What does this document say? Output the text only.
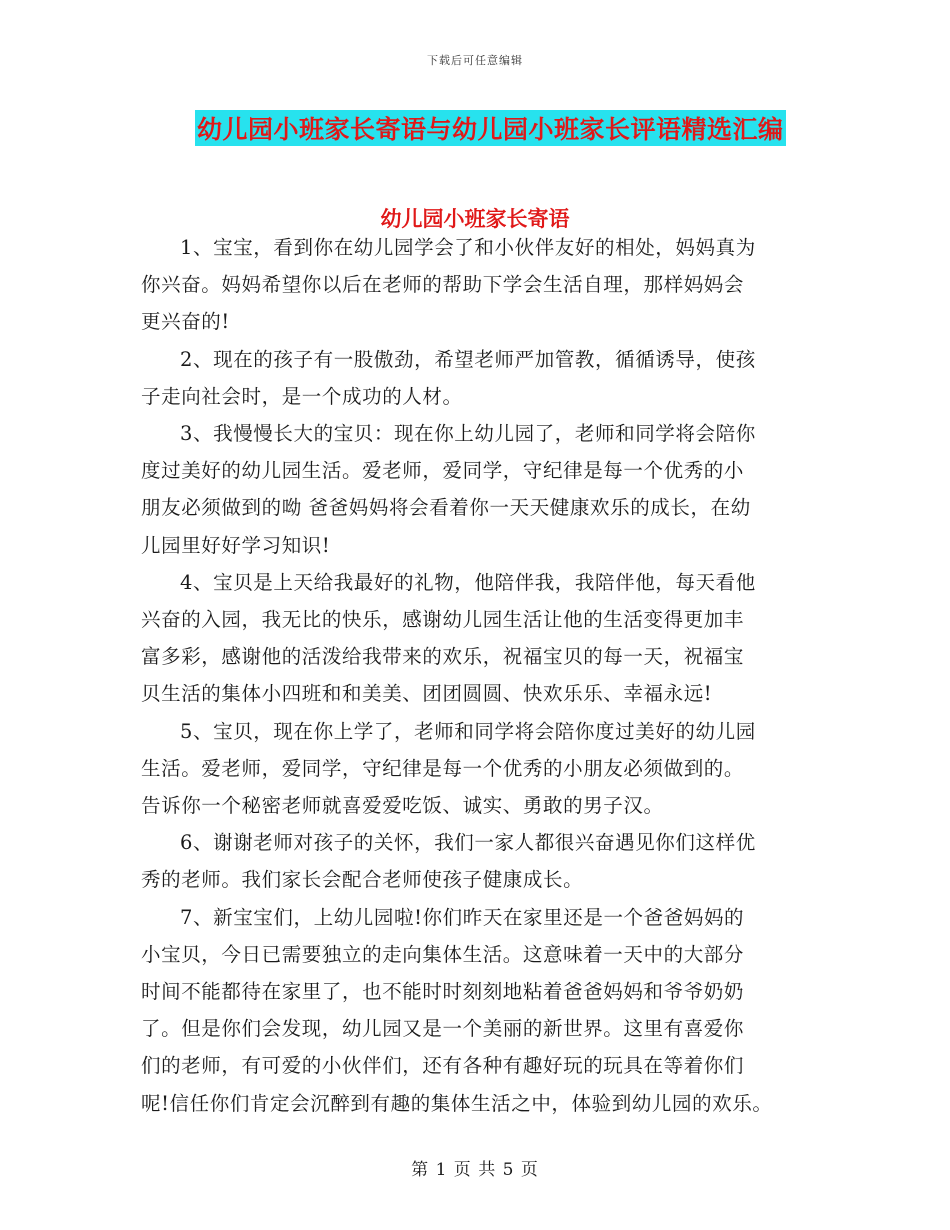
下载后可任意编辑
幼儿园小班家长寄语与幼儿园小班家长评语精选汇编
幼儿园小班家长寄语
1、宝宝，看到你在幼儿园学会了和小伙伴友好的相处，妈妈真为
你兴奋。妈妈希望你以后在老师的帮助下学会生活自理，那样妈妈会
更兴奋的!
2、现在的孩子有一股傲劲，希望老师严加管教，循循诱导，使孩
子走向社会时，是一个成功的人材。
3、我慢慢长大的宝贝：现在你上幼儿园了，老师和同学将会陪你
度过美好的幼儿园生活。爱老师，爱同学，守纪律是每一个优秀的小
朋友必须做到的呦 爸爸妈妈将会看着你一天天健康欢乐的成长，在幼
儿园里好好学习知识!
4、宝贝是上天给我最好的礼物，他陪伴我，我陪伴他，每天看他
兴奋的入园，我无比的快乐，感谢幼儿园生活让他的生活变得更加丰
富多彩，感谢他的活泼给我带来的欢乐，祝福宝贝的每一天，祝福宝
贝生活的集体小四班和和美美、团团圆圆、快欢乐乐、幸福永远!
5、宝贝，现在你上学了，老师和同学将会陪你度过美好的幼儿园
生活。爱老师，爱同学，守纪律是每一个优秀的小朋友必须做到的。
告诉你一个秘密老师就喜爱爱吃饭、诚实、勇敢的男子汉。
6、谢谢老师对孩子的关怀，我们一家人都很兴奋遇见你们这样优
秀的老师。我们家长会配合老师使孩子健康成长。
7、新宝宝们，上幼儿园啦!你们昨天在家里还是一个爸爸妈妈的
小宝贝，今日已需要独立的走向集体生活。这意味着一天中的大部分
时间不能都待在家里了，也不能时时刻刻地粘着爸爸妈妈和爷爷奶奶
了。但是你们会发现，幼儿园又是一个美丽的新世界。这里有喜爱你
们的老师，有可爱的小伙伴们，还有各种有趣好玩的玩具在等着你们
呢!信任你们肯定会沉醉到有趣的集体生活之中，体验到幼儿园的欢乐。
第 1 页 共 5 页
